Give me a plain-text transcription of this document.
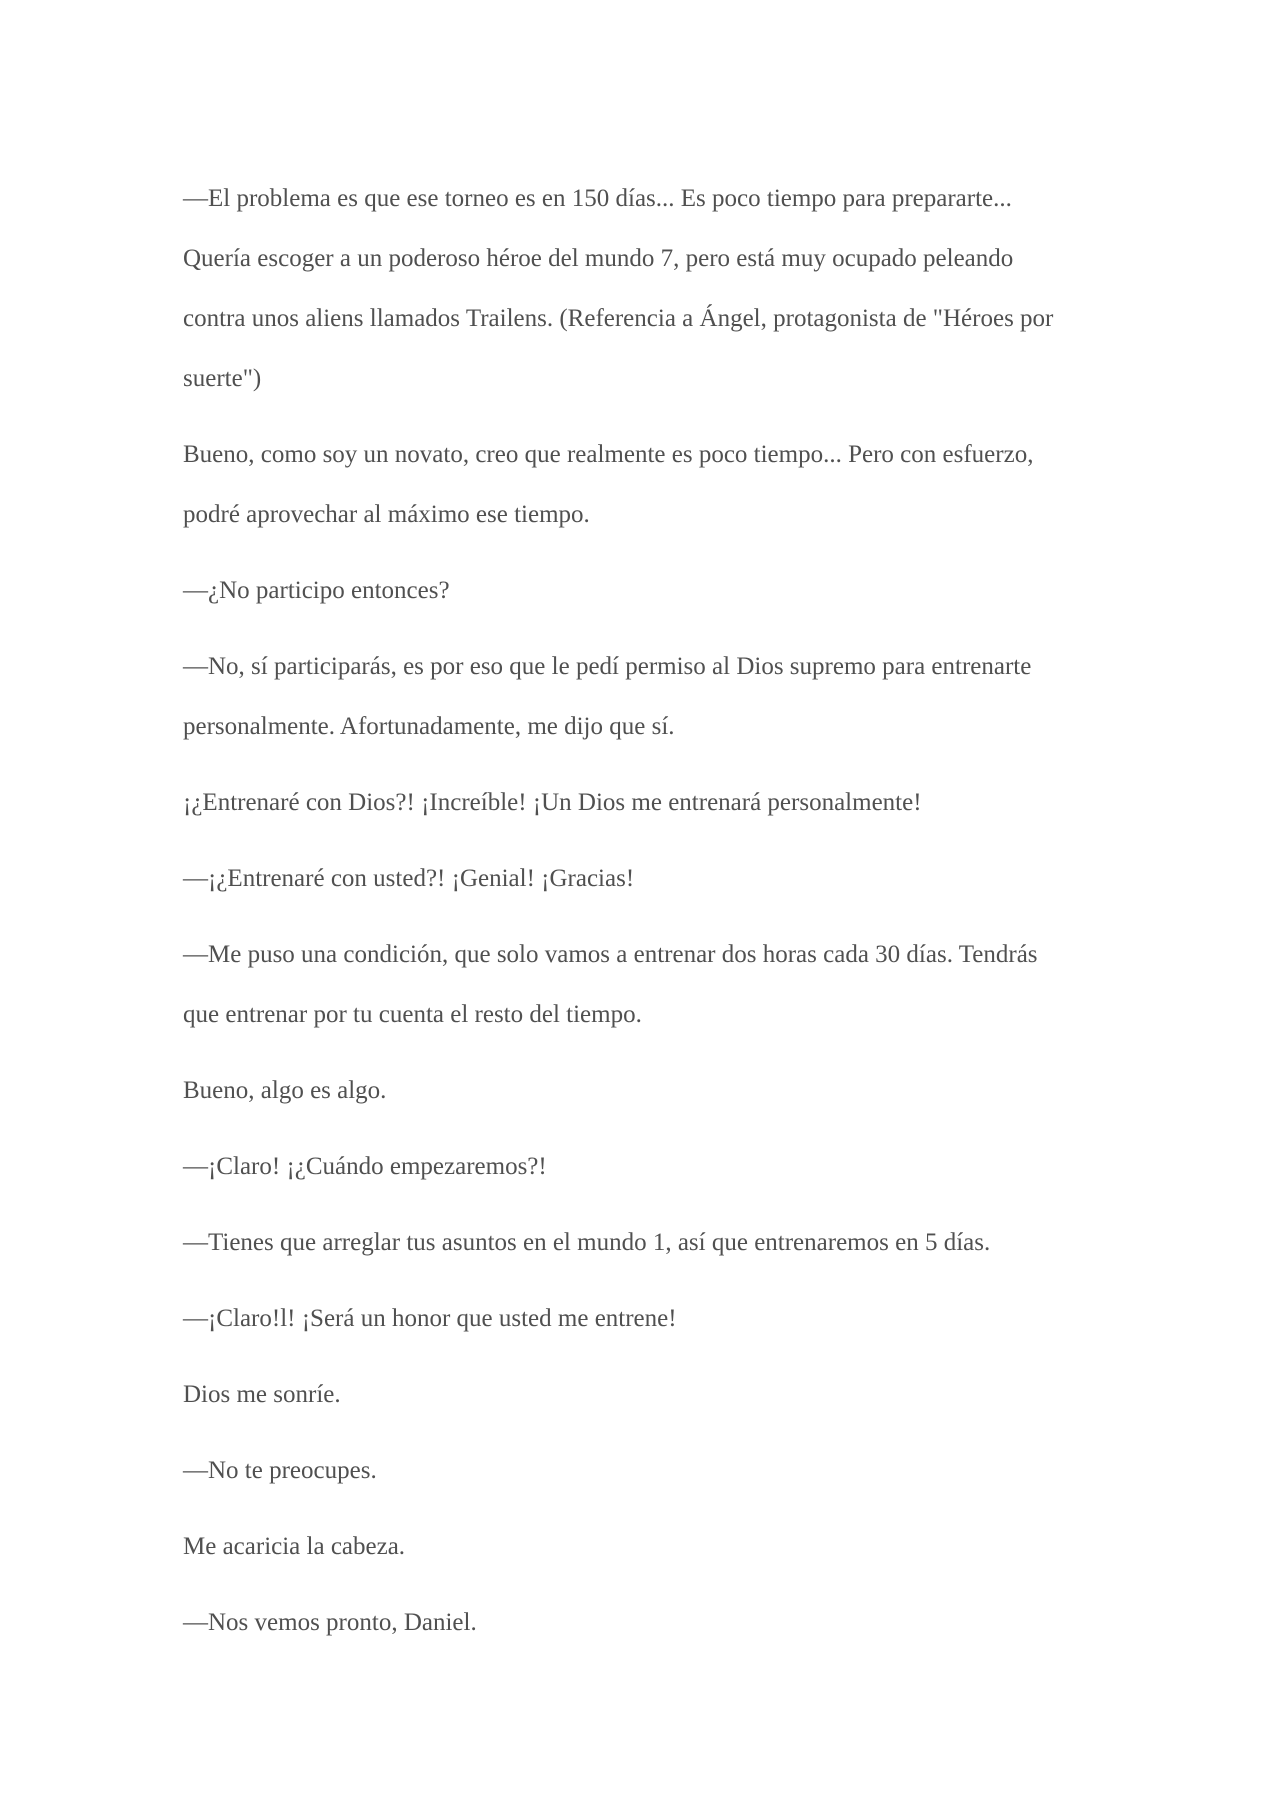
—El problema es que ese torneo es en 150 días... Es poco tiempo para prepararte...
Quería escoger a un poderoso héroe del mundo 7, pero está muy ocupado peleando
contra unos aliens llamados Trailens. (Referencia a Ángel, protagonista de "Héroes por
suerte")

Bueno, como soy un novato, creo que realmente es poco tiempo... Pero con esfuerzo,
podré aprovechar al máximo ese tiempo.

—¿No participo entonces?

—No, sí participarás, es por eso que le pedí permiso al Dios supremo para entrenarte
personalmente. Afortunadamente, me dijo que sí.

¡¿Entrenaré con Dios?! ¡Increíble! ¡Un Dios me entrenará personalmente!

—¡¿Entrenaré con usted?! ¡Genial! ¡Gracias!

—Me puso una condición, que solo vamos a entrenar dos horas cada 30 días. Tendrás
que entrenar por tu cuenta el resto del tiempo.

Bueno, algo es algo.

—¡Claro! ¡¿Cuándo empezaremos?!

—Tienes que arreglar tus asuntos en el mundo 1, así que entrenaremos en 5 días.

—¡Claro!l! ¡Será un honor que usted me entrene!

Dios me sonríe.

—No te preocupes.

Me acaricia la cabeza.

—Nos vemos pronto, Daniel.
